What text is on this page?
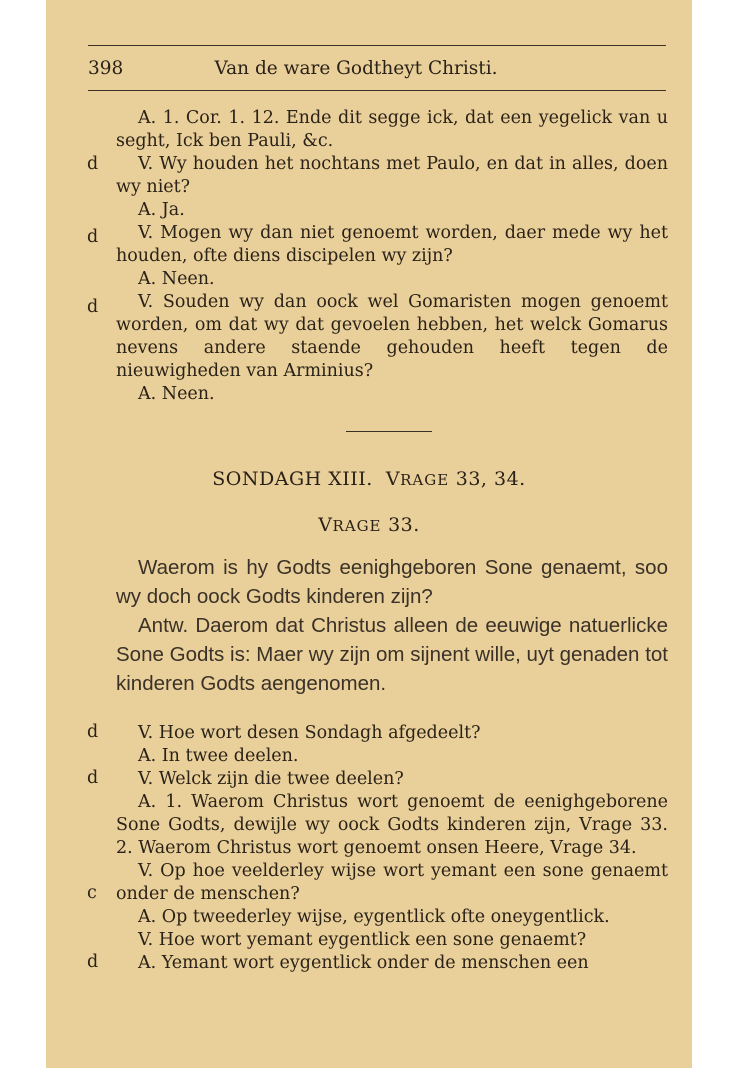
398	Van de ware Godtheyt Christi.

A. 1. Cor. 1. 12. Ende dit segge ick, dat een yegelick van u seght, Ick ben Pauli, &c.

V. Wy houden het nochtans met Paulo, en dat in alles, doen wy niet?

A. Ja.

V. Mogen wy dan niet genoemt worden, daer mede wy het houden, ofte diens discipelen wy zijn?

A. Neen.

V. Souden wy dan oock wel Gomaristen mogen genoemt worden, om dat wy dat gevoelen hebben, het welck Gomarus nevens andere staende gehouden heeft tegen de nieuwigheden van Arminius?

A. Neen.

d
d
d
SONDAGH XIII. VRAGE 33, 34.
VRAGE 33.

Waerom is hy Godts eenighgeboren Sone genaemt, soo wy doch oock Godts kinderen zijn?

Antw. Daerom dat Christus alleen de eeuwige natuerlicke Sone Godts is: Maer wy zijn om sijnent wille, uyt genaden tot kinderen Godts aengenomen.

V. Hoe wort desen Sondagh afgedeelt?

A. In twee deelen.

V. Welck zijn die twee deelen?

A. 1. Waerom Christus wort genoemt de eenighgeborene Sone Godts, dewijle wy oock Godts kinderen zijn, Vrage 33. 2. Waerom Christus wort genoemt onsen Heere, Vrage 34.

V. Op hoe veelderley wijse wort yemant een sone genaemt onder de menschen?

A. Op tweederley wijse, eygentlick ofte oneygentlick.

V. Hoe wort yemant eygentlick een sone genaemt?

A. Yemant wort eygentlick onder de menschen een

d
d
c
d
